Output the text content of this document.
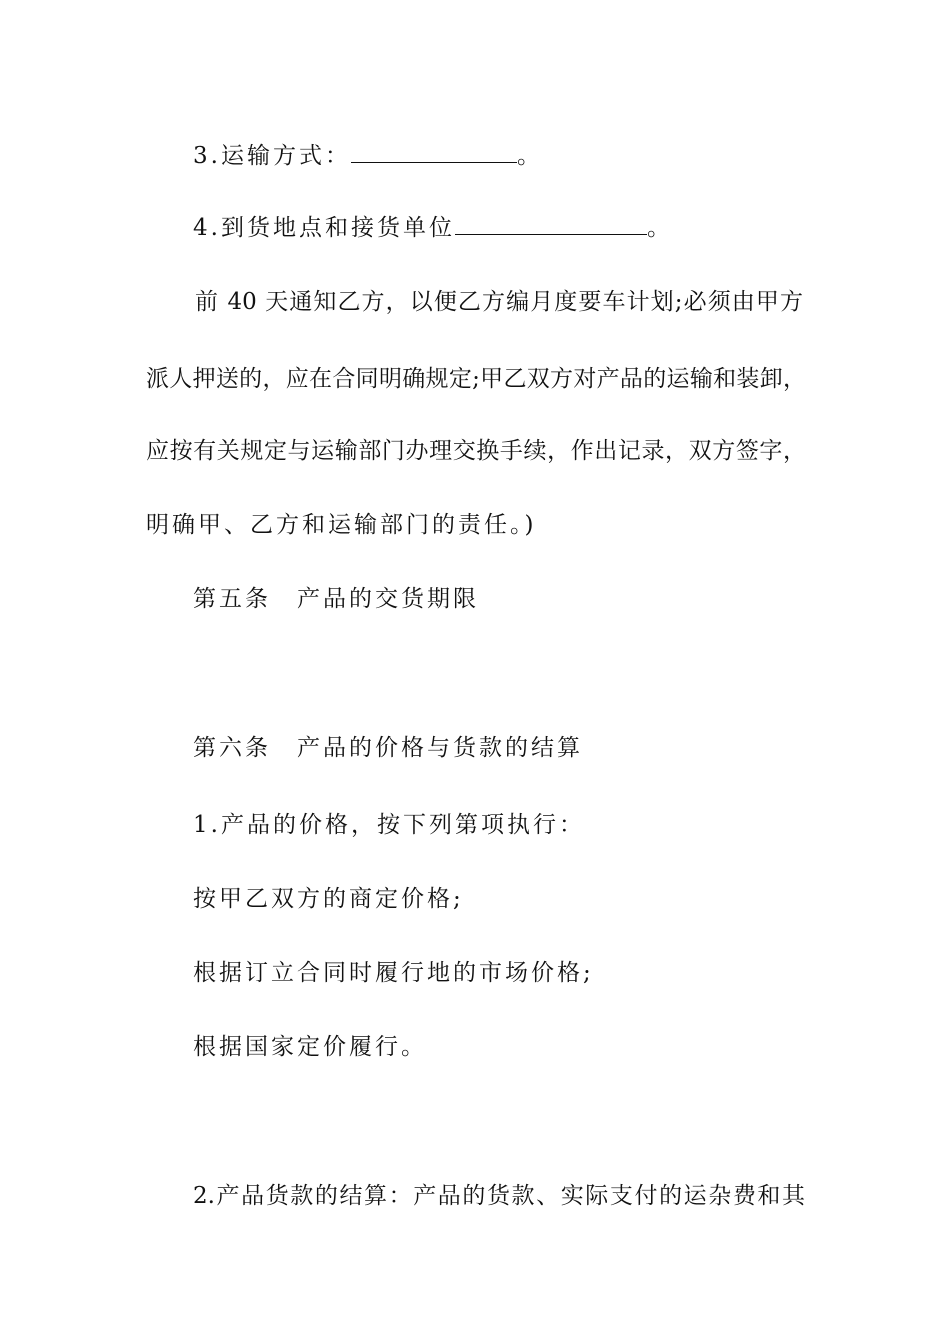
3.运输方式：	。
4.到货地点和接货单位	。
前 40 天通知乙方，以便乙方编月度要车计划;必须由甲方
派人押送的，应在合同明确规定;甲乙双方对产品的运输和装卸，
应按有关规定与运输部门办理交换手续，作出记录，双方签字，
明确甲、乙方和运输部门的责任。)
第五条　产品的交货期限
第六条　产品的价格与货款的结算
1.产品的价格，按下列第项执行：
按甲乙双方的商定价格;
根据订立合同时履行地的市场价格;
根据国家定价履行。
2.产品货款的结算：产品的货款、实际支付的运杂费和其
